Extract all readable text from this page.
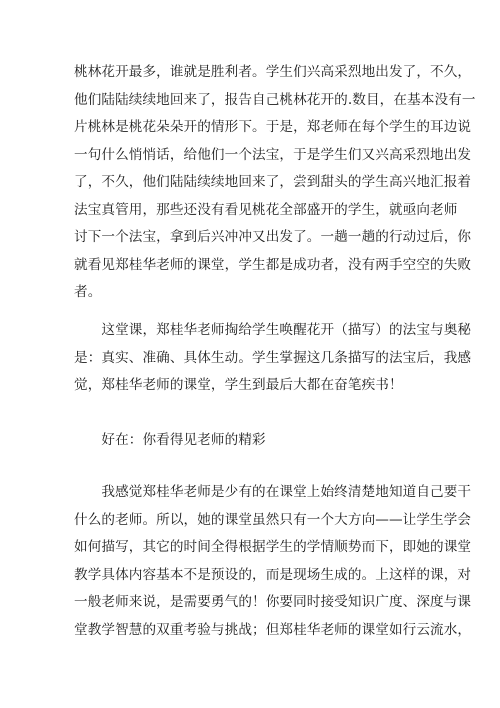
桃林花开最多，谁就是胜利者。学生们兴高采烈地出发了，不久，
他们陆陆续续地回来了，报告自己桃林花开的.数目，在基本没有一
片桃林是桃花朵朵开的情形下。于是，郑老师在每个学生的耳边说
一句什么悄悄话，给他们一个法宝，于是学生们又兴高采烈地出发
了，不久，他们陆陆续续地回来了，尝到甜头的学生高兴地汇报着
法宝真管用，那些还没有看见桃花全部盛开的学生，就亟向老师
讨下一个法宝，拿到后兴冲冲又出发了。一趟一趟的行动过后，你
就看见郑桂华老师的课堂，学生都是成功者，没有两手空空的失败
者。
　　这堂课，郑桂华老师掏给学生唤醒花开（描写）的法宝与奥秘
是：真实、准确、具体生动。学生掌握这几条描写的法宝后，我感
觉，郑桂华老师的课堂，学生到最后大都在奋笔疾书！
　　好在：你看得见老师的精彩
　　我感觉郑桂华老师是少有的在课堂上始终清楚地知道自己要干
什么的老师。所以，她的课堂虽然只有一个大方向——让学生学会
如何描写，其它的时间全得根据学生的学情顺势而下，即她的课堂
教学具体内容基本不是预设的，而是现场生成的。上这样的课，对
一般老师来说，是需要勇气的！你要同时接受知识广度、深度与课
堂教学智慧的双重考验与挑战；但郑桂华老师的课堂如行云流水，
